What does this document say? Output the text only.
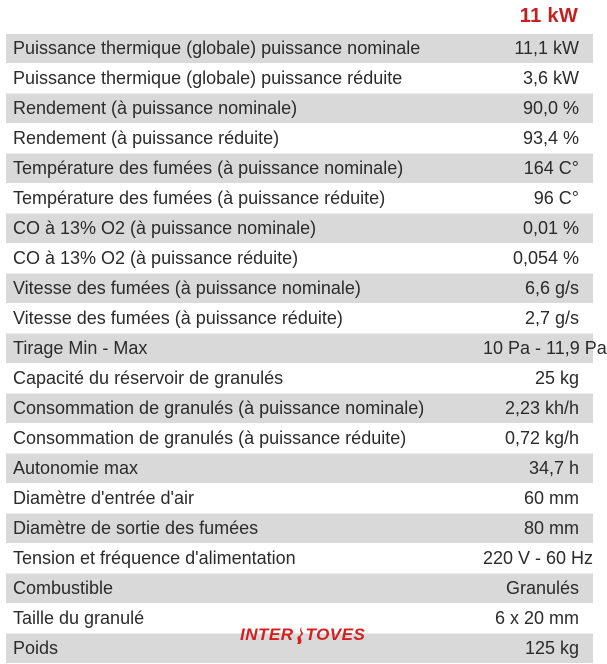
11 kW
Puissance thermique (globale) puissance nominale	11,1 kW
Puissance thermique (globale) puissance réduite	3,6 kW
Rendement (à puissance nominale)	90,0 %
Rendement (à puissance réduite)	93,4 %
Température des fumées (à puissance nominale)	164 C°
Température des fumées (à puissance réduite)	96 C°
CO à 13% O2 (à puissance nominale)	0,01 %
CO à 13% O2 (à puissance réduite)	0,054 %
Vitesse des fumées (à puissance nominale)	6,6 g/s
Vitesse des fumées (à puissance réduite)	2,7 g/s
Tirage Min - Max	10 Pa - 11,9 Pa
Capacité du réservoir de granulés	25 kg
Consommation de granulés (à puissance nominale)	2,23 kh/h
Consommation de granulés (à puissance réduite)	0,72 kg/h
Autonomie max	34,7 h
Diamètre d'entrée d'air	60 mm
Diamètre de sortie des fumées	80 mm
Tension et fréquence d'alimentation	220 V - 60 Hz
Combustible	Granulés
Taille du granulé	6 x 20 mm
Poids	125 kg
INTER TOVES
